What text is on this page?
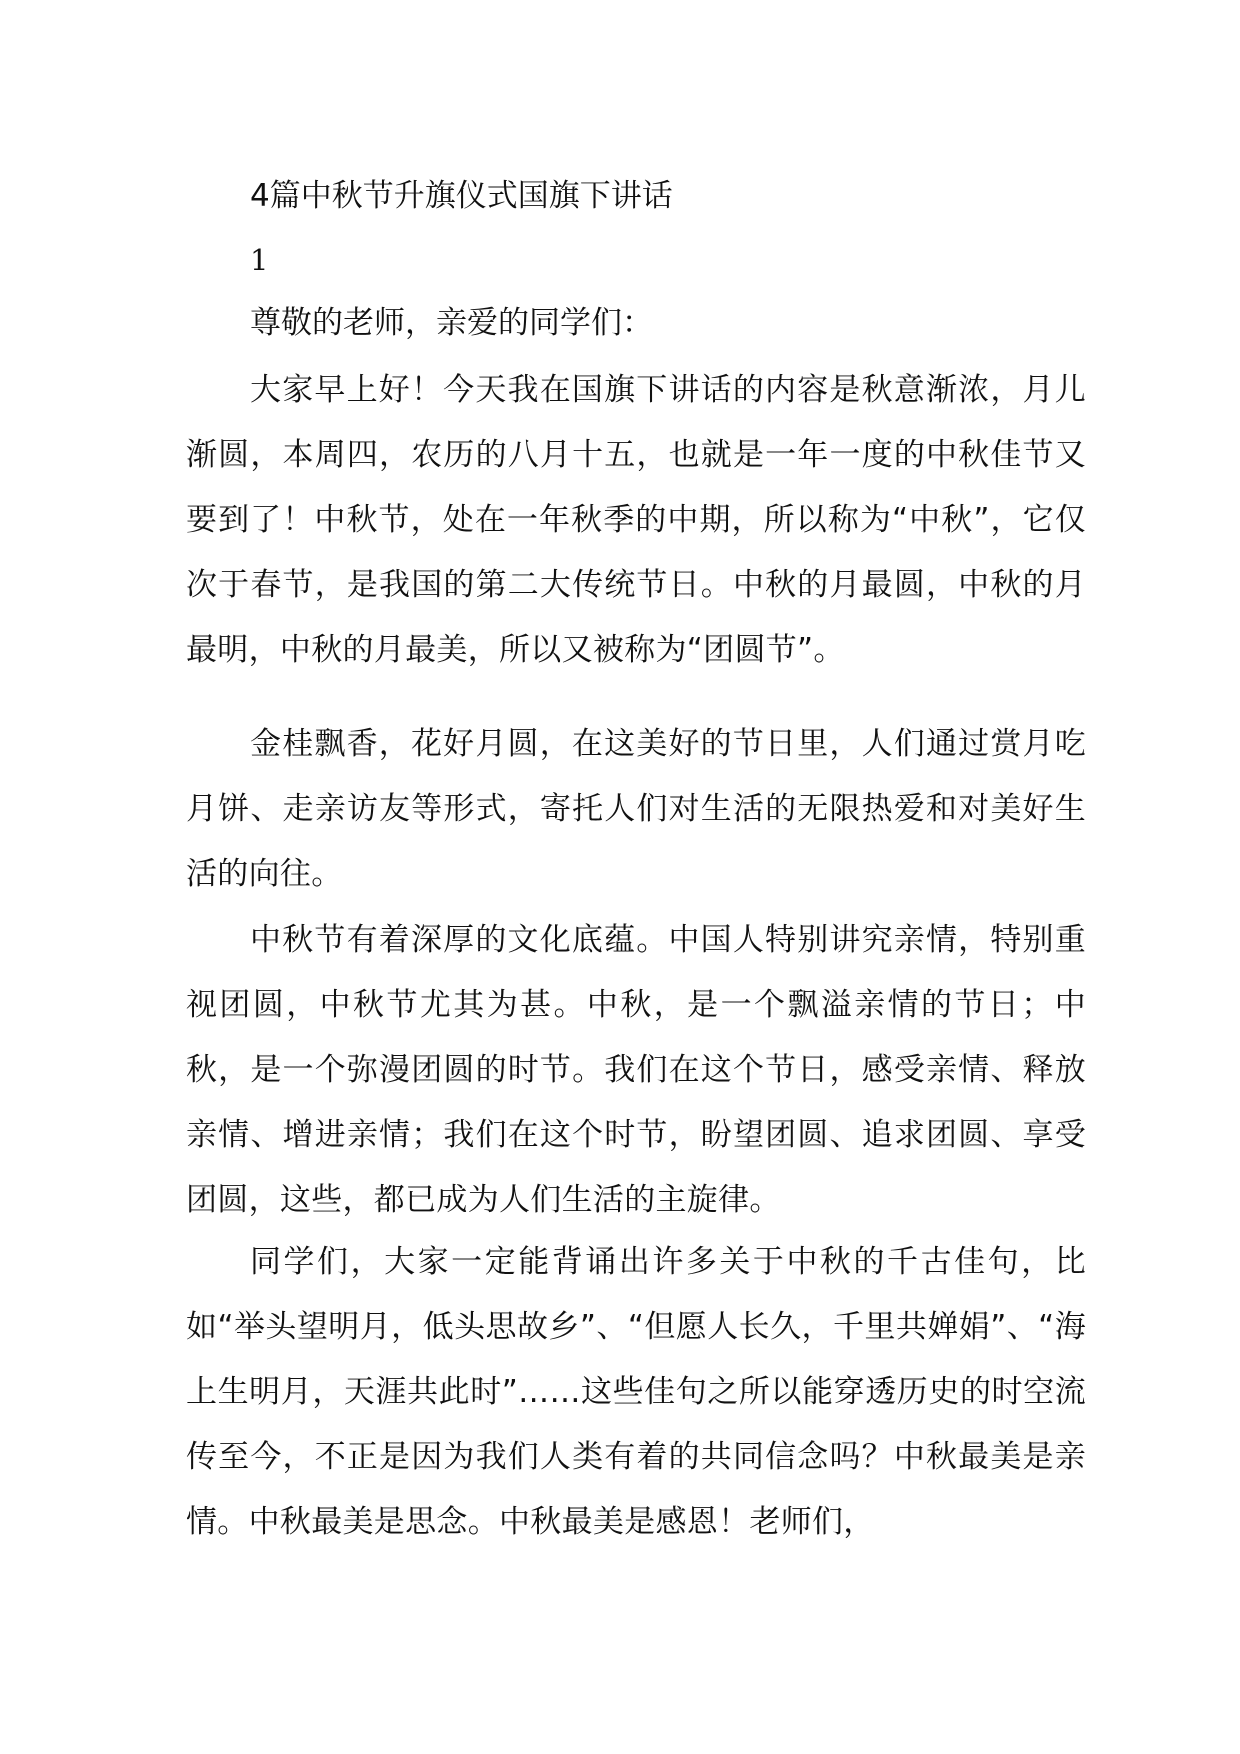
4篇中秋节升旗仪式国旗下讲话
1
尊敬的老师，亲爱的同学们：

大家早上好！今天我在国旗下讲话的内容是秋意渐浓，月儿渐圆，本周四，农历的八月十五，也就是一年一度的中秋佳节又要到了！中秋节，处在一年秋季的中期，所以称为“中秋”，它仅次于春节，是我国的第二大传统节日。中秋的月最圆，中秋的月最明，中秋的月最美，所以又被称为“团圆节”。

金桂飘香，花好月圆，在这美好的节日里，人们通过赏月吃月饼、走亲访友等形式，寄托人们对生活的无限热爱和对美好生活的向往。

中秋节有着深厚的文化底蕴。中国人特别讲究亲情，特别重视团圆，中秋节尤其为甚。中秋，是一个飘溢亲情的节日；中秋，是一个弥漫团圆的时节。我们在这个节日，感受亲情、释放亲情、增进亲情；我们在这个时节，盼望团圆、追求团圆、享受团圆，这些，都已成为人们生活的主旋律。

同学们，大家一定能背诵出许多关于中秋的千古佳句，比如“举头望明月，低头思故乡”、“但愿人长久，千里共婵娟”、“海上生明月，天涯共此时”……这些佳句之所以能穿透历史的时空流传至今，不正是因为我们人类有着的共同信念吗？中秋最美是亲情。中秋最美是思念。中秋最美是感恩！老师们，
